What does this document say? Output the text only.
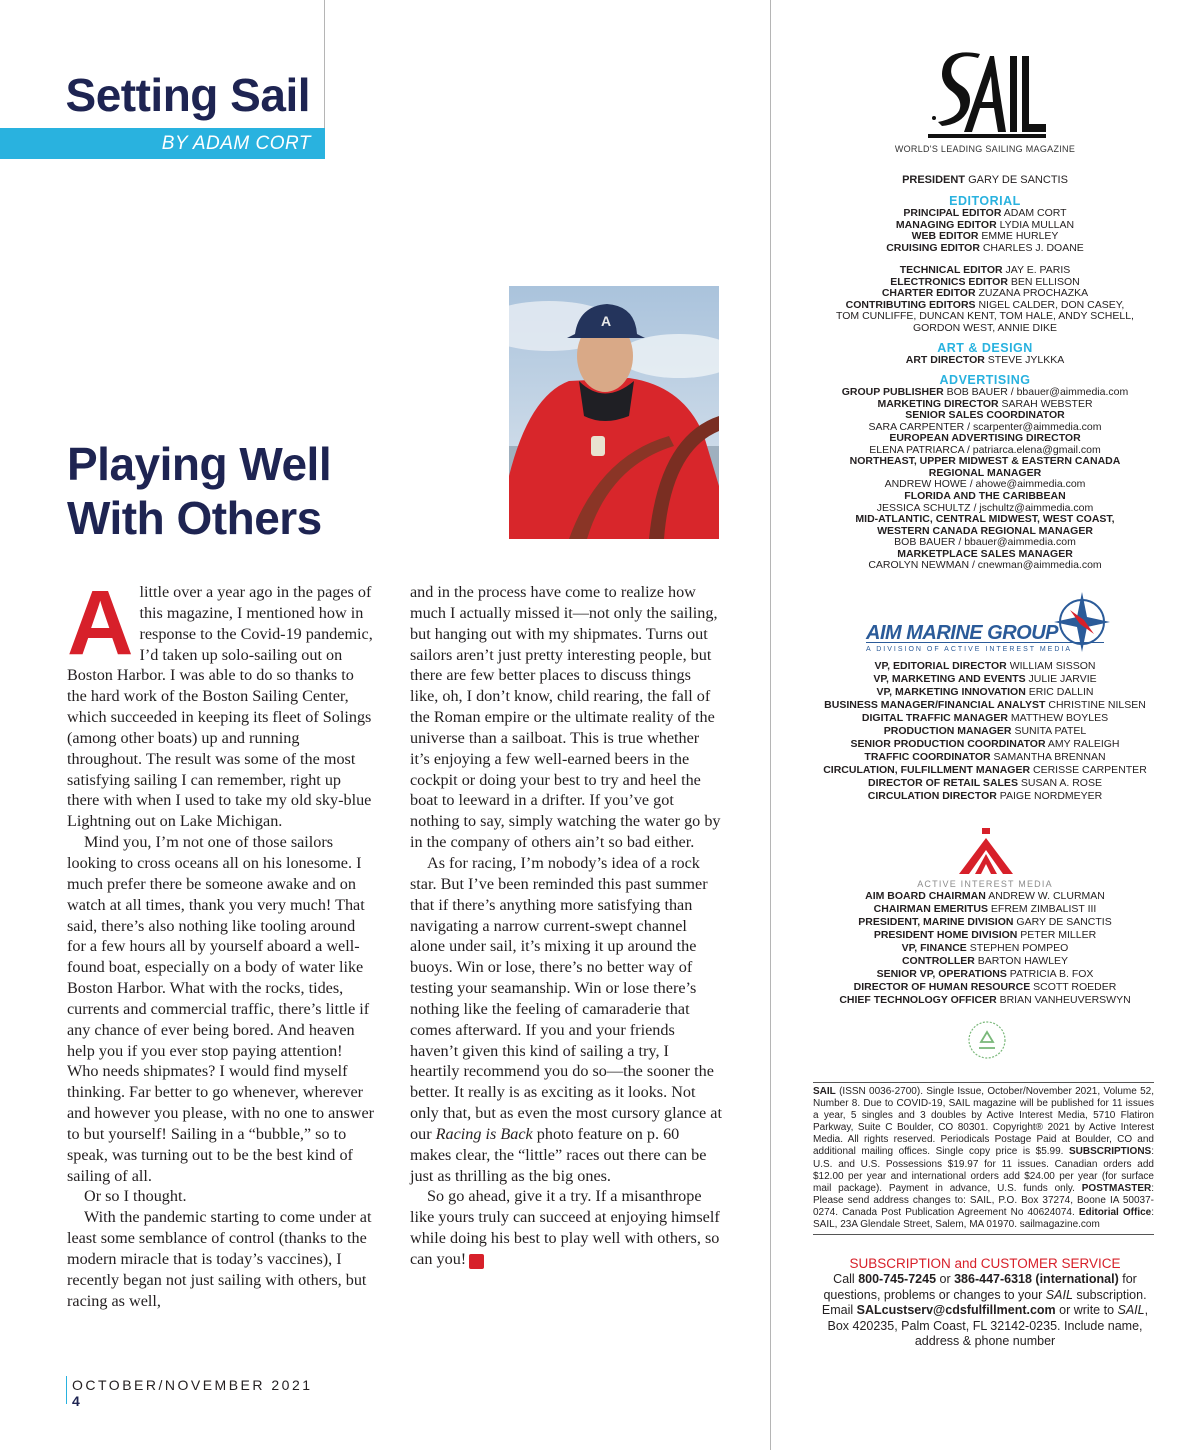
Setting Sail
BY ADAM CORT
A
Playing Well With Others

Alittle over a year ago in the pages of this magazine, I mentioned how in response to the Covid-19 pandemic, I’d taken up solo-sailing out on Boston Harbor. I was able to do so thanks to the hard work of the Boston Sailing Center, which succeeded in keeping its fleet of Solings (among other boats) up and running throughout. The result was some of the most satisfying sailing I can remember, right up there with when I used to take my old sky-blue Lightning out on Lake Michigan.

Mind you, I’m not one of those sailors looking to cross oceans all on his lonesome. I much prefer there be someone awake and on watch at all times, thank you very much! That said, there’s also nothing like tooling around for a few hours all by yourself aboard a well-found boat, especially on a body of water like Boston Harbor. What with the rocks, tides, currents and commercial traffic, there’s little if any chance of ever being bored. And heaven help you if you ever stop paying attention! Who needs shipmates? I would find myself thinking. Far better to go whenever, wherever and however you please, with no one to answer to but yourself! Sailing in a “bubble,” so to speak, was turning out to be the best kind of sailing of all.

Or so I thought.

With the pandemic starting to come under at least some semblance of control (thanks to the modern miracle that is today’s vaccines), I recently began not just sailing with others, but racing as well,

and in the process have come to realize how much I actually missed it—not only the sailing, but hanging out with my shipmates. Turns out sailors aren’t just pretty interesting people, but there are few better places to discuss things like, oh, I don’t know, child rearing, the fall of the Roman empire or the ultimate reality of the universe than a sailboat. This is true whether it’s enjoying a few well-earned beers in the cockpit or doing your best to try and heel the boat to leeward in a drifter. If you’ve got nothing to say, simply watching the water go by in the company of others ain’t so bad either.

As for racing, I’m nobody’s idea of a rock star. But I’ve been reminded this past summer that if there’s anything more satisfying than navigating a narrow current-swept channel alone under sail, it’s mixing it up around the buoys. Win or lose, there’s no better way of testing your seamanship. Win or lose there’s nothing like the feeling of camaraderie that comes afterward. If you and your friends haven’t given this kind of sailing a try, I heartily recommend you do so—the sooner the better. It really is as exciting as it looks. Not only that, but as even the most cursory glance at our Racing is Back photo feature on p. 60 makes clear, the “little” races out there can be just as thrilling as the big ones.

So go ahead, give it a try. If a misanthrope like yours truly can succeed at enjoying himself while doing his best to play well with others, so can you! S

OCTOBER/NOVEMBER 2021
4
WORLD'S LEADING SAILING MAGAZINE
PRESIDENT GARY DE SANCTIS
EDITORIAL
PRINCIPAL EDITOR ADAM CORT
MANAGING EDITOR LYDIA MULLAN
WEB EDITOR EMME HURLEY
CRUISING EDITOR CHARLES J. DOANE
TECHNICAL EDITOR JAY E. PARIS
ELECTRONICS EDITOR BEN ELLISON
CHARTER EDITOR ZUZANA PROCHAZKA
CONTRIBUTING EDITORS NIGEL CALDER, DON CASEY,
TOM CUNLIFFE, DUNCAN KENT, TOM HALE, ANDY SCHELL,
GORDON WEST, ANNIE DIKE
ART & DESIGN
ART DIRECTOR STEVE JYLKKA
ADVERTISING
GROUP PUBLISHER BOB BAUER / bbauer@aimmedia.com
MARKETING DIRECTOR SARAH WEBSTER
SENIOR SALES COORDINATOR
SARA CARPENTER / scarpenter@aimmedia.com
EUROPEAN ADVERTISING DIRECTOR
ELENA PATRIARCA / patriarca.elena@gmail.com
NORTHEAST, UPPER MIDWEST & EASTERN CANADA
REGIONAL MANAGER
ANDREW HOWE / ahowe@aimmedia.com
FLORIDA AND THE CARIBBEAN
JESSICA SCHULTZ / jschultz@aimmedia.com
MID-ATLANTIC, CENTRAL MIDWEST, WEST COAST,
WESTERN CANADA REGIONAL MANAGER
BOB BAUER / bbauer@aimmedia.com
MARKETPLACE SALES MANAGER
CAROLYN NEWMAN / cnewman@aimmedia.com
AIM MARINE GROUP
A DIVISION OF ACTIVE INTEREST MEDIA
VP, EDITORIAL DIRECTOR WILLIAM SISSON
VP, MARKETING AND EVENTS JULIE JARVIE
VP, MARKETING INNOVATION ERIC DALLIN
BUSINESS MANAGER/FINANCIAL ANALYST CHRISTINE NILSEN
DIGITAL TRAFFIC MANAGER MATTHEW BOYLES
PRODUCTION MANAGER SUNITA PATEL
SENIOR PRODUCTION COORDINATOR AMY RALEIGH
TRAFFIC COORDINATOR SAMANTHA BRENNAN
CIRCULATION, FULFILLMENT MANAGER CERISSE CARPENTER
DIRECTOR OF RETAIL SALES SUSAN A. ROSE
CIRCULATION DIRECTOR PAIGE NORDMEYER
ACTIVE INTEREST MEDIA
AIM BOARD CHAIRMAN ANDREW W. CLURMAN
CHAIRMAN EMERITUS EFREM ZIMBALIST III
PRESIDENT, MARINE DIVISION GARY DE SANCTIS
PRESIDENT HOME DIVISION PETER MILLER
VP, FINANCE STEPHEN POMPEO
CONTROLLER BARTON HAWLEY
SENIOR VP, OPERATIONS PATRICIA B. FOX
DIRECTOR OF HUMAN RESOURCE SCOTT ROEDER
CHIEF TECHNOLOGY OFFICER BRIAN VANHEUVERSWYN
SAIL (ISSN 0036-2700). Single Issue, October/November 2021, Volume 52, Number 8. Due to COVID-19, SAIL magazine will be published for 11 issues a year, 5 singles and 3 doubles by Active Interest Media, 5710 Flatiron Parkway, Suite C Boulder, CO 80301. Copyright® 2021 by Active Interest Media. All rights reserved. Periodicals Postage Paid at Boulder, CO and additional mailing offices. Single copy price is $5.99. SUBSCRIPTIONS: U.S. and U.S. Possessions $19.97 for 11 issues. Canadian orders add $12.00 per year and international orders add $24.00 per year (for surface mail package). Payment in advance, U.S. funds only. POSTMASTER: Please send address changes to: SAIL, P.O. Box 37274, Boone IA 50037-0274. Canada Post Publication Agreement No 40624074. Editorial Office: SAIL, 23A Glendale Street, Salem, MA 01970. sailmagazine.com
SUBSCRIPTION and CUSTOMER SERVICE
Call 800-745-7245 or 386-447-6318 (international) for questions, problems or changes to your SAIL subscription. Email SALcustserv@cdsfulfillment.com or write to SAIL, Box 420235, Palm Coast, FL 32142-0235. Include name, address & phone number
